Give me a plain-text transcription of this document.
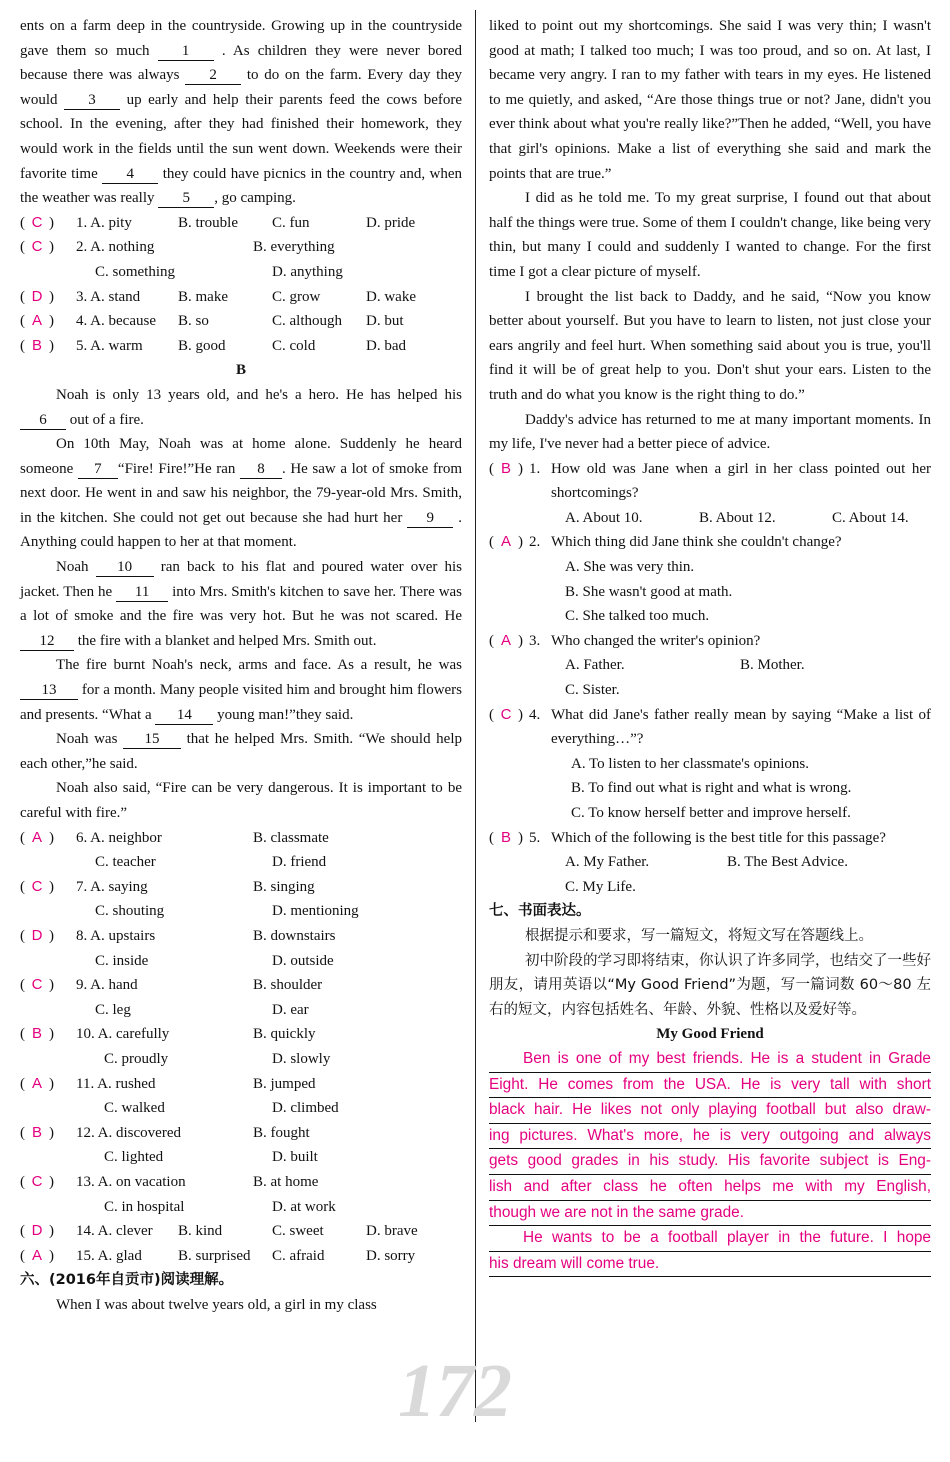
172

ents on a farm deep in the countryside. Growing up in the countryside gave them so much 1 . As children they were never bored because there was always 2 to do on the farm. Every day they would 3 up early and help their parents feed the cows before school. In the evening, after they had finished their homework, they would work in the fields until the sun went down. Weekends were their favorite time 4 they could have picnics in the country and, when the weather was really 5 , go camping.

( C )	1. A. pity	B. trouble	C. fun	D. pride
( C )	2. A. nothing	B. everything
C. something	D. anything
( D )	3. A. stand	B. make	C. grow	D. wake
( A )	4. A. because	B. so	C. although	D. but
( B )	5. A. warm	B. good	C. cold	D. bad
B

Noah is only 13 years old, and he's a hero. He has helped his 6 out of a fire.

On 10th May, Noah was at home alone. Suddenly he heard someone 7 “Fire! Fire!”He ran 8 . He saw a lot of smoke from next door. He went in and saw his neighbor, the 79-year-old Mrs. Smith, in the kitchen. She could not get out because she had hurt her 9 . Anything could happen to her at that moment.

Noah 10 ran back to his flat and poured water over his jacket. Then he 11 into Mrs. Smith's kitchen to save her. There was a lot of smoke and the fire was very hot. But he was not scared. He 12 the fire with a blanket and helped Mrs. Smith out.

The fire burnt Noah's neck, arms and face. As a result, he was 13 for a month. Many people visited him and brought him flowers and presents. “What a 14 young man!”they said.

Noah was 15 that he helped Mrs. Smith. “We should help each other,”he said.

Noah also said, “Fire can be very dangerous. It is important to be careful with fire.”

( A )	6. A. neighbor	B. classmate
C. teacher	D. friend
( C )	7. A. saying	B. singing
C. shouting	D. mentioning
( D )	8. A. upstairs	B. downstairs
C. inside	D. outside
( C )	9. A. hand	B. shoulder
C. leg	D. ear
( B )	10. A. carefully	B. quickly
C. proudly	D. slowly
( A )	11. A. rushed	B. jumped
C. walked	D. climbed
( B )	12. A. discovered	B. fought
C. lighted	D. built
( C )	13. A. on vacation	B. at home
C. in hospital	D. at work
( D )	14. A. clever	B. kind	C. sweet	D. brave
( A )	15. A. glad	B. surprised	C. afraid	D. sorry
六、(2016年自贡市)阅读理解。

When I was about twelve years old, a girl in my class

liked to point out my shortcomings. She said I was very thin; I wasn't good at math; I talked too much; I was too proud, and so on. At last, I became very angry. I ran to my father with tears in my eyes. He listened to me quietly, and asked, “Are those things true or not? Jane, didn't you ever think about what you're really like?”Then he added, “Well, you have that girl's opinions. Make a list of everything she said and mark the points that are true.”

I did as he told me. To my great surprise, I found out that about half the things were true. Some of them I couldn't change, like being very thin, but many I could and suddenly I wanted to change. For the first time I got a clear picture of myself.

I brought the list back to Daddy, and he said, “Now you know better about yourself. But you have to learn to listen, not just close your ears angrily and feel hurt. When something said about you is true, you'll find it will be of great help to you. Don't shut your ears. Listen to the truth and do what you know is the right thing to do.”

Daddy's advice has returned to me at many important moments. In my life, I've never had a better piece of advice.

( B ) 1. How old was Jane when a girl in her class pointed out her shortcomings?
A. About 10.	B. About 12.	C. About 14.
( A ) 2. Which thing did Jane think she couldn't change?
A. She was very thin.
B. She wasn't good at math.
C. She talked too much.
( A ) 3. Who changed the writer's opinion?
A. Father.	B. Mother.
C. Sister.
( C ) 4. What did Jane's father really mean by saying “Make a list of everything…”?
A. To listen to her classmate's opinions.
B. To find out what is right and what is wrong.
C. To know herself better and improve herself.
( B ) 5. Which of the following is the best title for this passage?
A. My Father.	B. The Best Advice.
C. My Life.
七、书面表达。

根据提示和要求，写一篇短文，将短文写在答题线上。

初中阶段的学习即将结束，你认识了许多同学，也结交了一些好朋友，请用英语以“My Good Friend”为题，写一篇词数 60～80 左右的短文，内容包括姓名、年龄、外貌、性格以及爱好等。

My Good Friend
Ben is one of my best friends. He is a student in Grade
Eight. He comes from the USA. He is very tall with short
black hair. He likes not only playing football but also draw-
ing pictures. What's more, he is very outgoing and always
gets good grades in his study. His favorite subject is Eng-
lish and after class he often helps me with my English,
though we are not in the same grade.
He wants to be a football player in the future. I hope
his dream will come true.
